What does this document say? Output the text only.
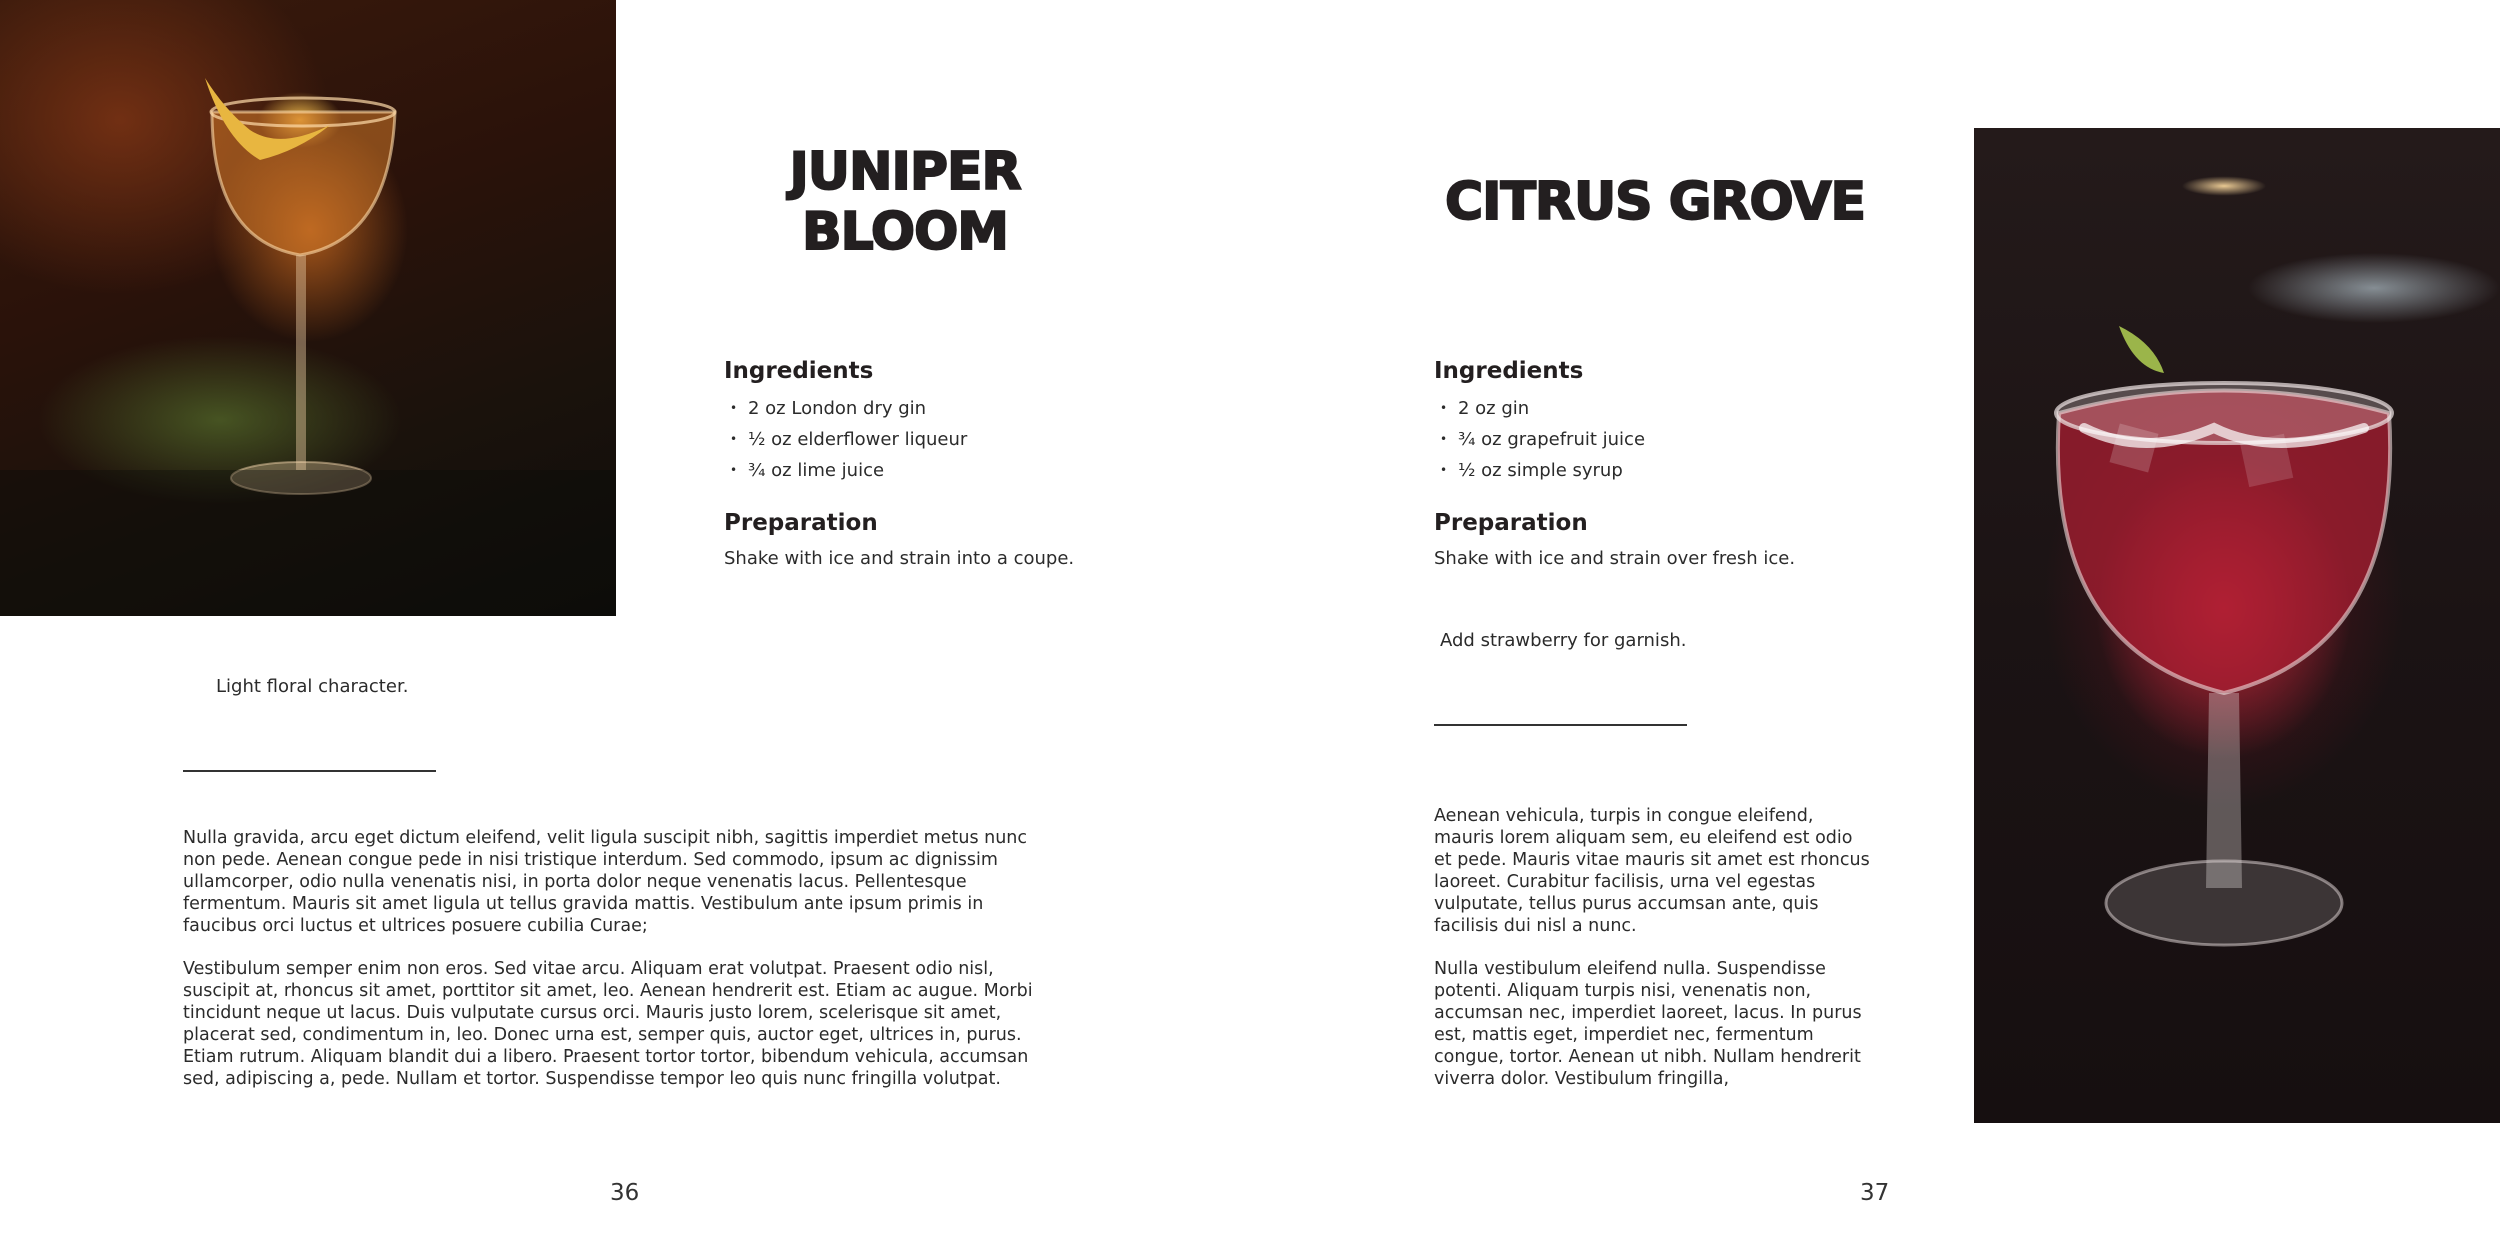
JUNIPER BLOOM
Ingredients
• 2 oz London dry gin
• ½ oz elderflower liqueur
• ¾ oz lime juice
Preparation

Shake with ice and strain into a coupe.

Light floral character.

Nulla gravida, arcu eget dictum eleifend, velit ligula suscipit nibh, sagittis imperdiet metus nunc non pede. Aenean congue pede in nisi tristique interdum. Sed commodo, ipsum ac dignissim ullamcorper, odio nulla venenatis nisi, in porta dolor neque venenatis lacus. Pellentesque fermentum. Mauris sit amet ligula ut tellus gravida mattis. Vestibulum ante ipsum primis in faucibus orci luctus et ultrices posuere cubilia Curae;

Vestibulum semper enim non eros. Sed vitae arcu. Aliquam erat volutpat. Praesent odio nisl, suscipit at, rhoncus sit amet, porttitor sit amet, leo. Aenean hendrerit est. Etiam ac augue. Morbi tincidunt neque ut lacus. Duis vulputate cursus orci. Mauris justo lorem, scelerisque sit amet, placerat sed, condimentum in, leo. Donec urna est, semper quis, auctor eget, ultrices in, purus. Etiam rutrum. Aliquam blandit dui a libero. Praesent tortor tortor, bibendum vehicula, accumsan sed, adipiscing a, pede. Nullam et tortor. Suspendisse tempor leo quis nunc fringilla volutpat.

36

CITRUS GROVE
Ingredients
• 2 oz gin
• ¾ oz grapefruit juice
• ½ oz simple syrup
Preparation

Shake with ice and strain over fresh ice.

Add strawberry for garnish.

Aenean vehicula, turpis in congue eleifend, mauris lorem aliquam sem, eu eleifend est odio et pede. Mauris vitae mauris sit amet est rhoncus laoreet. Curabitur facilisis, urna vel egestas vulputate, tellus purus accumsan ante, quis facilisis dui nisl a nunc.

Nulla vestibulum eleifend nulla. Suspendisse potenti. Aliquam turpis nisi, venenatis non, accumsan nec, imperdiet laoreet, lacus. In purus est, mattis eget, imperdiet nec, fermentum congue, tortor. Aenean ut nibh. Nullam hendrerit viverra dolor. Vestibulum fringilla,

37
